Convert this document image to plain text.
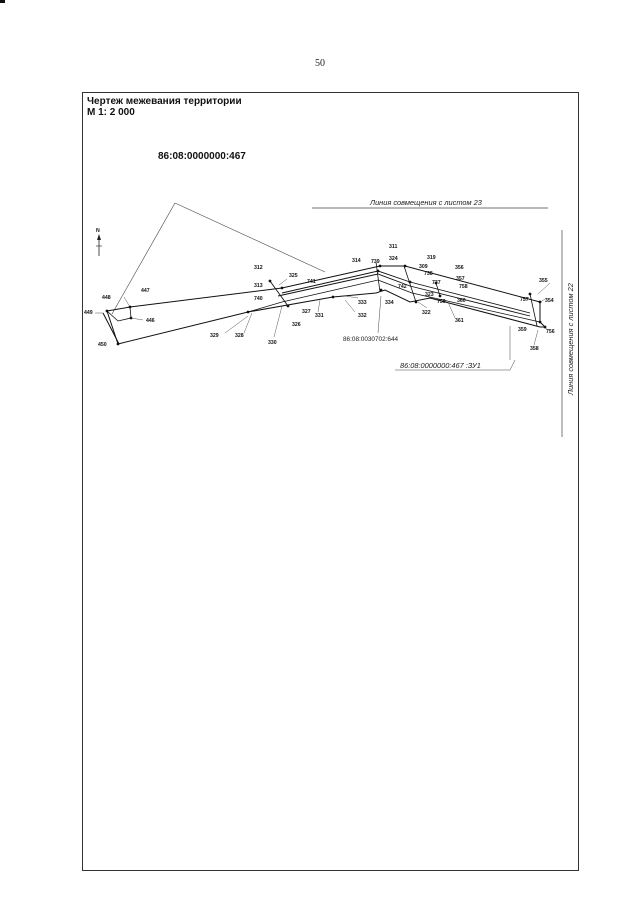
50
Чертеж межевания территории
М 1: 2 000
86:08:0000000:467
Линия совмещения с листом 23
Линия совмещения с листом 22
N
311
314 739 324	319
309	356
738
357
737
758
323
759 360
355
757	354
312
325
741
313
740
742
333	334
322
361
327
331	332
326
329	328
330
448
447
449
446
450
359	756
358
86:08:0030702:644
86:08:0000000:467 :ЗУ1
